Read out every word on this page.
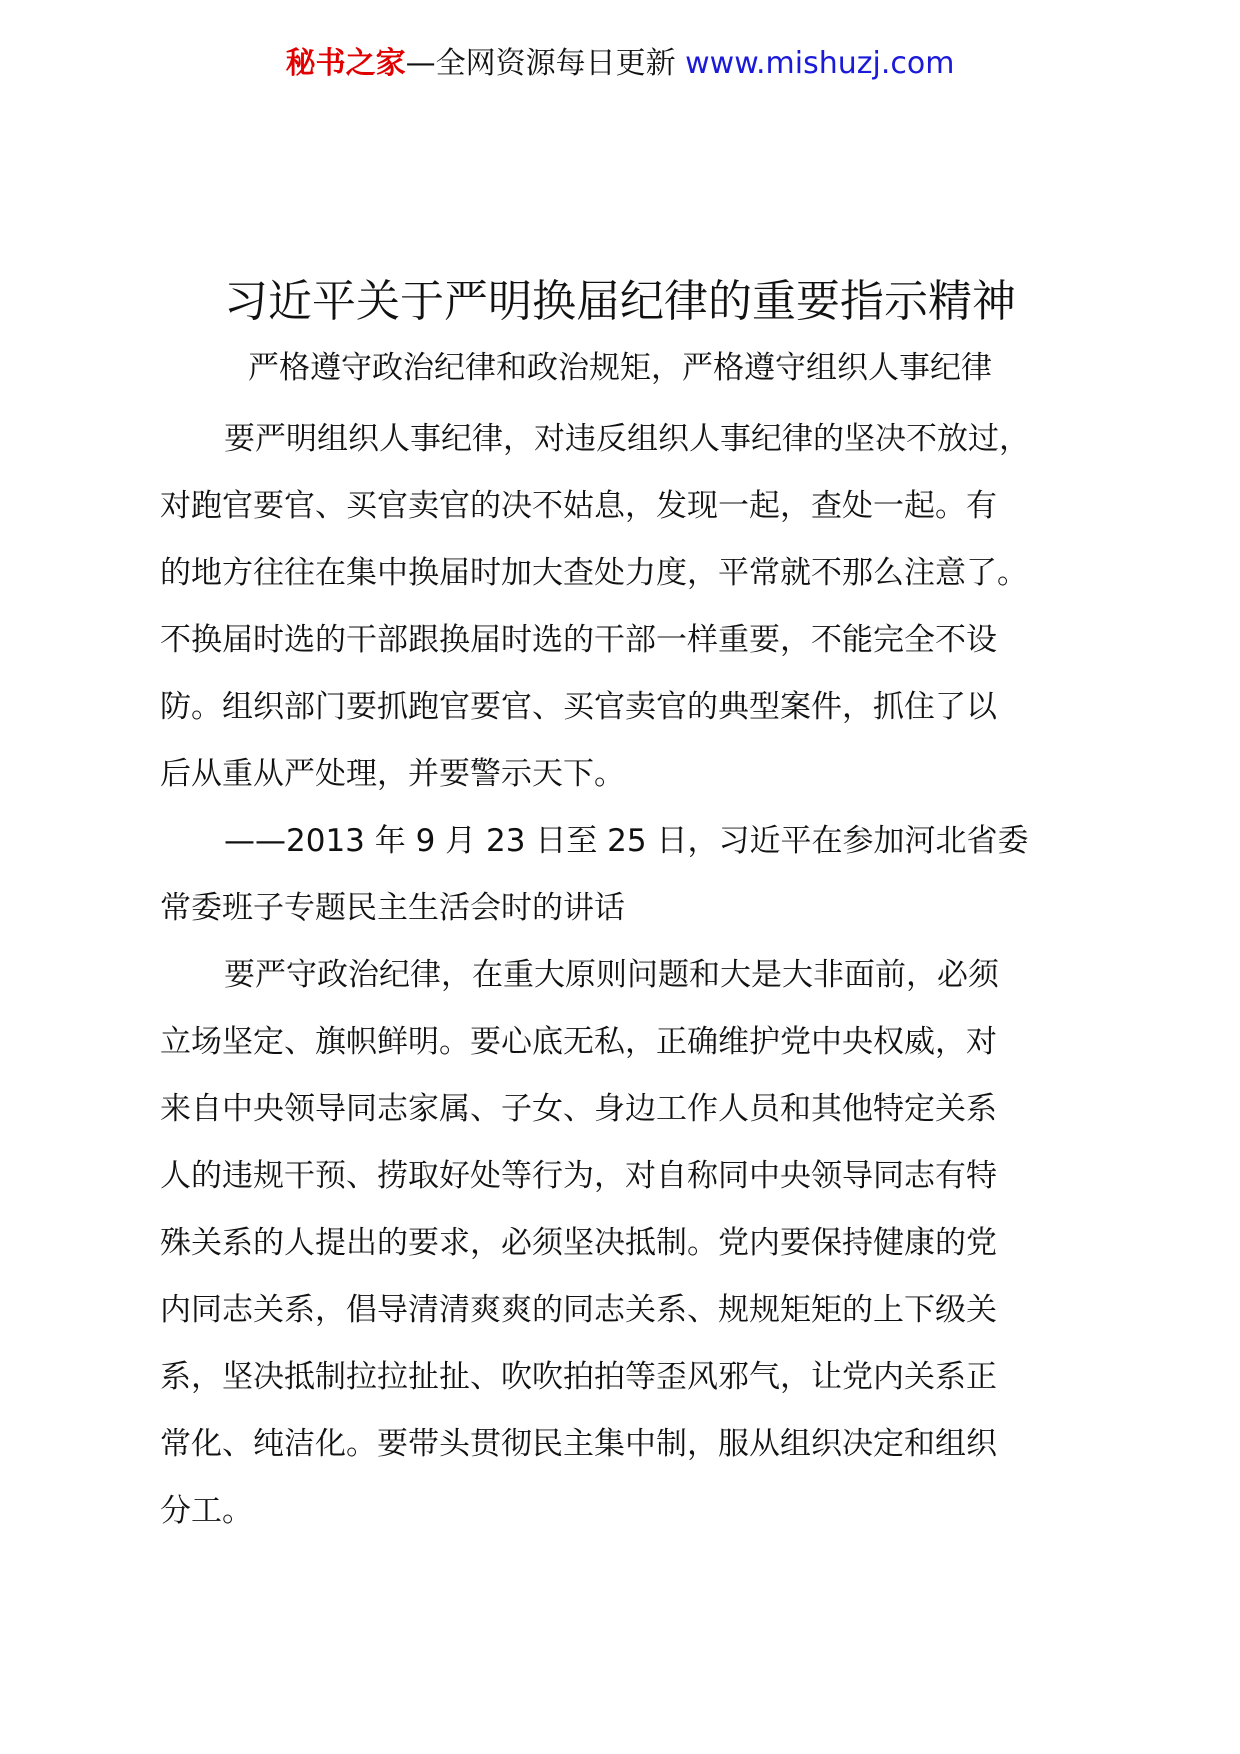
秘书之家—全网资源每日更新 www.mishuzj.com
习近平关于严明换届纪律的重要指示精神
严格遵守政治纪律和政治规矩，严格遵守组织人事纪律
要严明组织人事纪律，对违反组织人事纪律的坚决不放过，
对跑官要官、买官卖官的决不姑息，发现一起，查处一起。有
的地方往往在集中换届时加大查处力度，平常就不那么注意了。
不换届时选的干部跟换届时选的干部一样重要，不能完全不设
防。组织部门要抓跑官要官、买官卖官的典型案件，抓住了以
后从重从严处理，并要警示天下。
——2013 年 9 月 23 日至 25 日，习近平在参加河北省委
常委班子专题民主生活会时的讲话
要严守政治纪律，在重大原则问题和大是大非面前，必须
立场坚定、旗帜鲜明。要心底无私，正确维护党中央权威，对
来自中央领导同志家属、子女、身边工作人员和其他特定关系
人的违规干预、捞取好处等行为，对自称同中央领导同志有特
殊关系的人提出的要求，必须坚决抵制。党内要保持健康的党
内同志关系，倡导清清爽爽的同志关系、规规矩矩的上下级关
系，坚决抵制拉拉扯扯、吹吹拍拍等歪风邪气，让党内关系正
常化、纯洁化。要带头贯彻民主集中制，服从组织决定和组织
分工。
